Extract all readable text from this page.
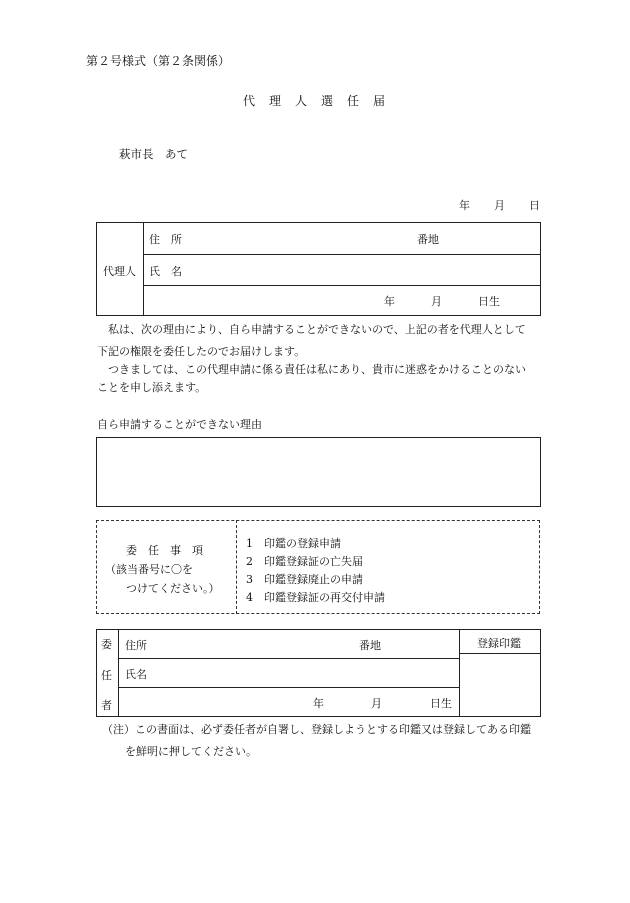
第２号様式（第２条関係）
代　理　人　選　任　届
萩市長　あて
年 月 日
代理人
住　所	番地
氏　名
年	月	日生
私は、次の理由により、自ら申請することができないので、上記の者を代理人として
下記の権限を委任したのでお届けします。
つきましては、この代理申請に係る責任は私にあり、貴市に迷惑をかけることのない
ことを申し添えます。
自ら申請することができない理由
委　任　事　項
（該当番号に〇を
つけてください。）
1　印鑑の登録申請
2　印鑑登録証の亡失届
3　印鑑登録廃止の申請
4　印鑑登録証の再交付申請
委
任
者
住所	番地
氏名
年	月	日生
登録印鑑
（注）この書面は、必ず委任者が自署し、登録しようとする印鑑又は登録してある印鑑
を鮮明に押してください。
